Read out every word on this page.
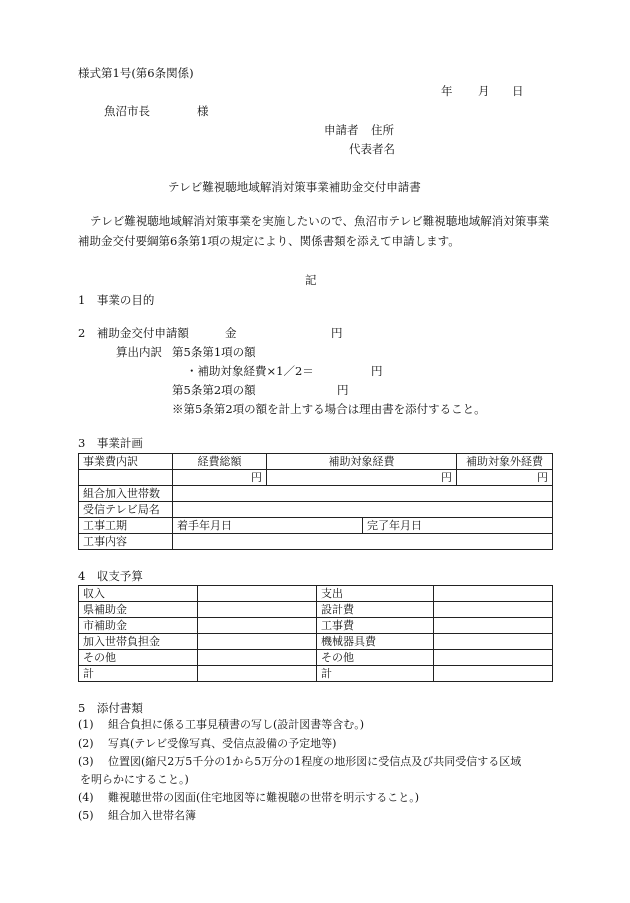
様式第1号(第6条関係)
年 月 日
魚沼市長	様
申請者 住所
代表者名
テレビ難視聴地域解消対策事業補助金交付申請書
テレビ難視聴地域解消対策事業を実施したいので、魚沼市テレビ難視聴地域解消対策事業補助金交付要綱第6条第1項の規定により、関係書類を添えて申請します。
記
1　事業の目的
2　補助金交付申請額	金	円
算出内訳 第5条第1項の額
・補助対象経費×1／2＝	円
第5条第2項の額	円
※第5条第2項の額を計上する場合は理由書を添付すること。
3　事業計画
事業費内訳	経費総額	補助対象経費		補助対象外経費
	円	円		円
組合加入世帯数				
受信テレビ局名				
工事工期	着手年月日		完了年月日	
工事内容				
4　収支予算
収入		支出	
県補助金		設計費	
市補助金		工事費	
加入世帯負担金		機械器具費	
その他		その他	
計		計	
5　添付書類
(1) 組合負担に係る工事見積書の写し(設計図書等含む。)
(2) 写真(テレビ受像写真、受信点設備の予定地等)
(3) 位置図(縮尺2万5千分の1から5万分の1程度の地形図に受信点及び共同受信する区域
を明らかにすること。)
(4) 難視聴世帯の図面(住宅地図等に難視聴の世帯を明示すること。)
(5) 組合加入世帯名簿
